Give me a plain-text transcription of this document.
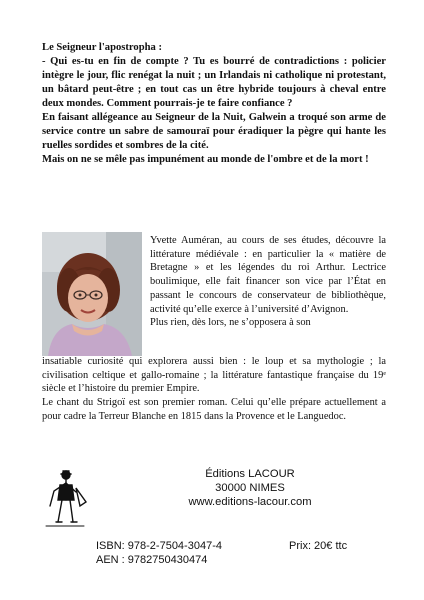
Le Seigneur l'apostropha :

- Qui es-tu en fin de compte ? Tu es bourré de contradictions : policier intègre le jour, flic renégat la nuit ; un Irlandais ni catholique ni protestant, un bâtard peut-être ; en tout cas un être hybride toujours à cheval entre deux mondes. Comment pourrais-je te faire confiance ?

En faisant allégeance au Seigneur de la Nuit, Galwein a troqué son arme de service contre un sabre de samouraï pour éradiquer la pègre qui hante les ruelles sordides et sombres de la cité.

Mais on ne se mêle pas impunément au monde de l'ombre et de la mort !

Yvette Auméran, au cours de ses études, découvre la littérature médiévale : en particulier la « matière de Bretagne » et les légendes du roi Arthur. Lectrice boulimique, elle fait financer son vice par l’État en passant le concours de conservateur de bibliothèque, activité qu’elle exerce à l’université d’Avignon.

Plus rien, dès lors, ne s’opposera à son

insatiable curiosité qui explorera aussi bien : le loup et sa mythologie ; la civilisation celtique et gallo-romaine ; la littérature fantastique française du 19ᵉ siècle et l’histoire du premier Empire.

Le chant du Strigoï est son premier roman. Celui qu’elle prépare actuellement a pour cadre la Terreur Blanche en 1815 dans la Provence et le Languedoc.

Éditions LACOUR
30000 NIMES
www.editions-lacour.com
ISBN: 978-2-7504-3047-4	Prix: 20€ ttc
AEN : 9782750430474
